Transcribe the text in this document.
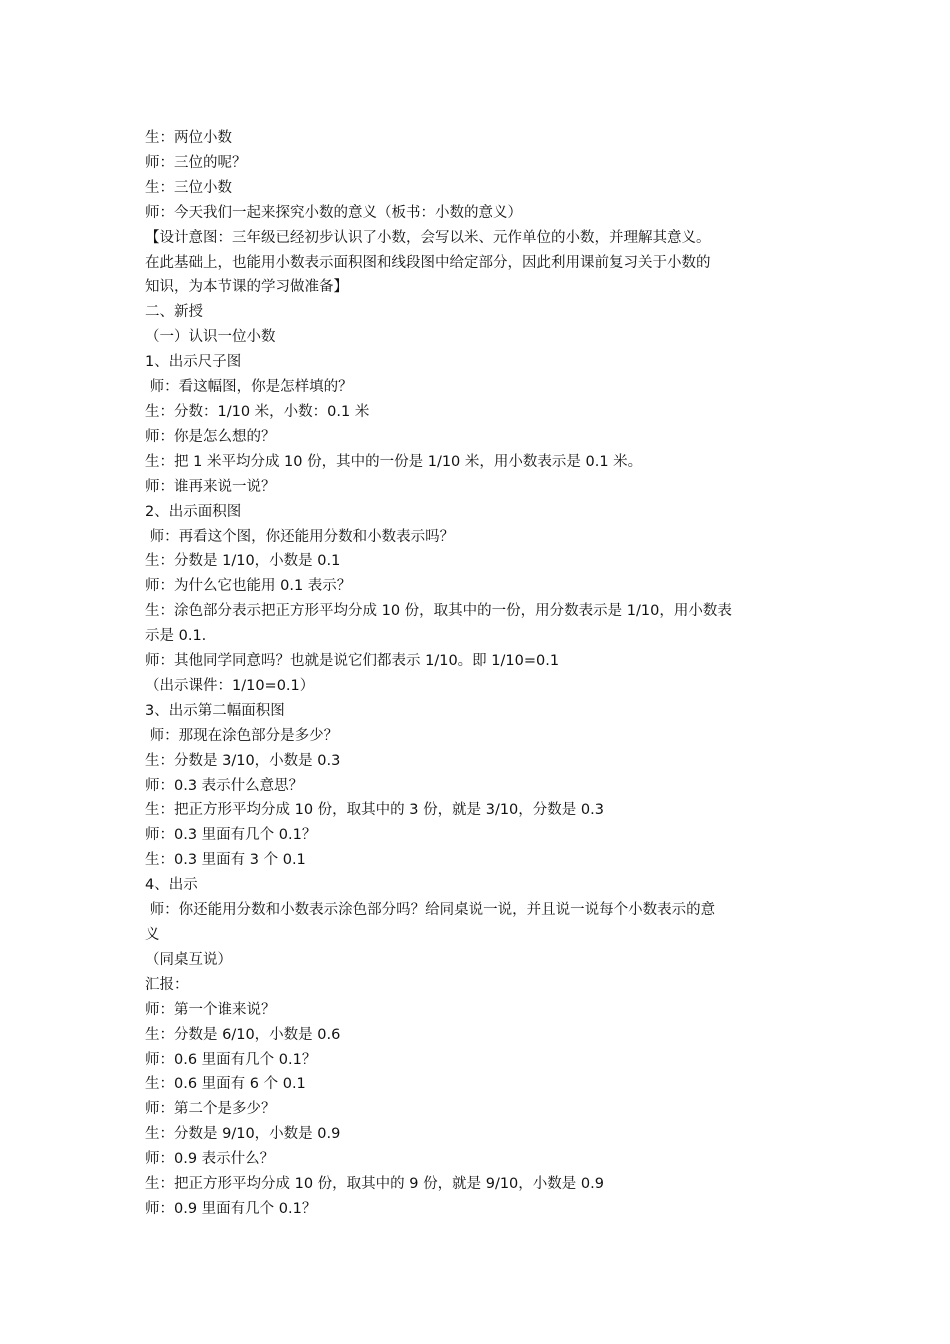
生：两位小数

师：三位的呢？

生：三位小数

师：今天我们一起来探究小数的意义（板书：小数的意义）

【设计意图：三年级已经初步认识了小数，会写以米、元作单位的小数，并理解其意义。

在此基础上，也能用小数表示面积图和线段图中给定部分，因此利用课前复习关于小数的

知识，为本节课的学习做准备】

二、新授

（一）认识一位小数

1、出示尺子图

师：看这幅图，你是怎样填的？

生：分数：1/10 米，小数：0.1 米

师：你是怎么想的？

生：把 1 米平均分成 10 份，其中的一份是 1/10 米，用小数表示是 0.1 米。

师：谁再来说一说？

2、出示面积图

师：再看这个图，你还能用分数和小数表示吗？

生：分数是 1/10，小数是 0.1

师：为什么它也能用 0.1 表示？

生：涂色部分表示把正方形平均分成 10 份，取其中的一份，用分数表示是 1/10，用小数表

示是 0.1.

师：其他同学同意吗？也就是说它们都表示 1/10。即 1/10=0.1

（出示课件：1/10=0.1）

3、出示第二幅面积图

师：那现在涂色部分是多少？

生：分数是 3/10，小数是 0.3

师：0.3 表示什么意思？

生：把正方形平均分成 10 份，取其中的 3 份，就是 3/10，分数是 0.3

师：0.3 里面有几个 0.1？

生：0.3 里面有 3 个 0.1

4、出示

师：你还能用分数和小数表示涂色部分吗？给同桌说一说，并且说一说每个小数表示的意

义

（同桌互说）

汇报：

师：第一个谁来说？

生：分数是 6/10，小数是 0.6

师：0.6 里面有几个 0.1？

生：0.6 里面有 6 个 0.1

师：第二个是多少？

生：分数是 9/10，小数是 0.9

师：0.9 表示什么？

生：把正方形平均分成 10 份，取其中的 9 份，就是 9/10，小数是 0.9

师：0.9 里面有几个 0.1？
